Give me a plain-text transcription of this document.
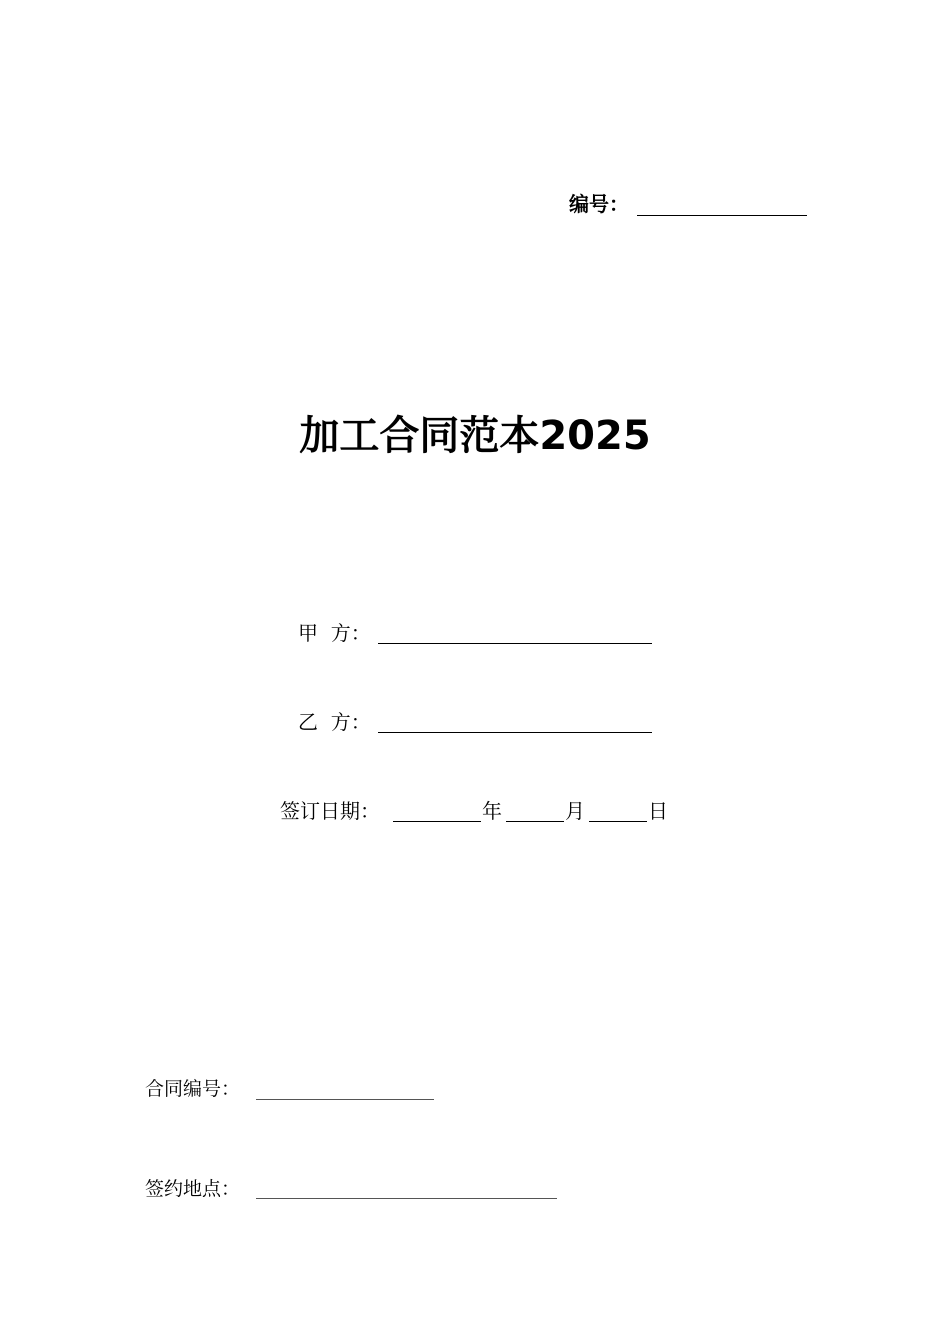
编号：
加工合同范本2025
甲  方：
乙  方：
签订日期：	年	月	日
合同编号：
签约地点：
